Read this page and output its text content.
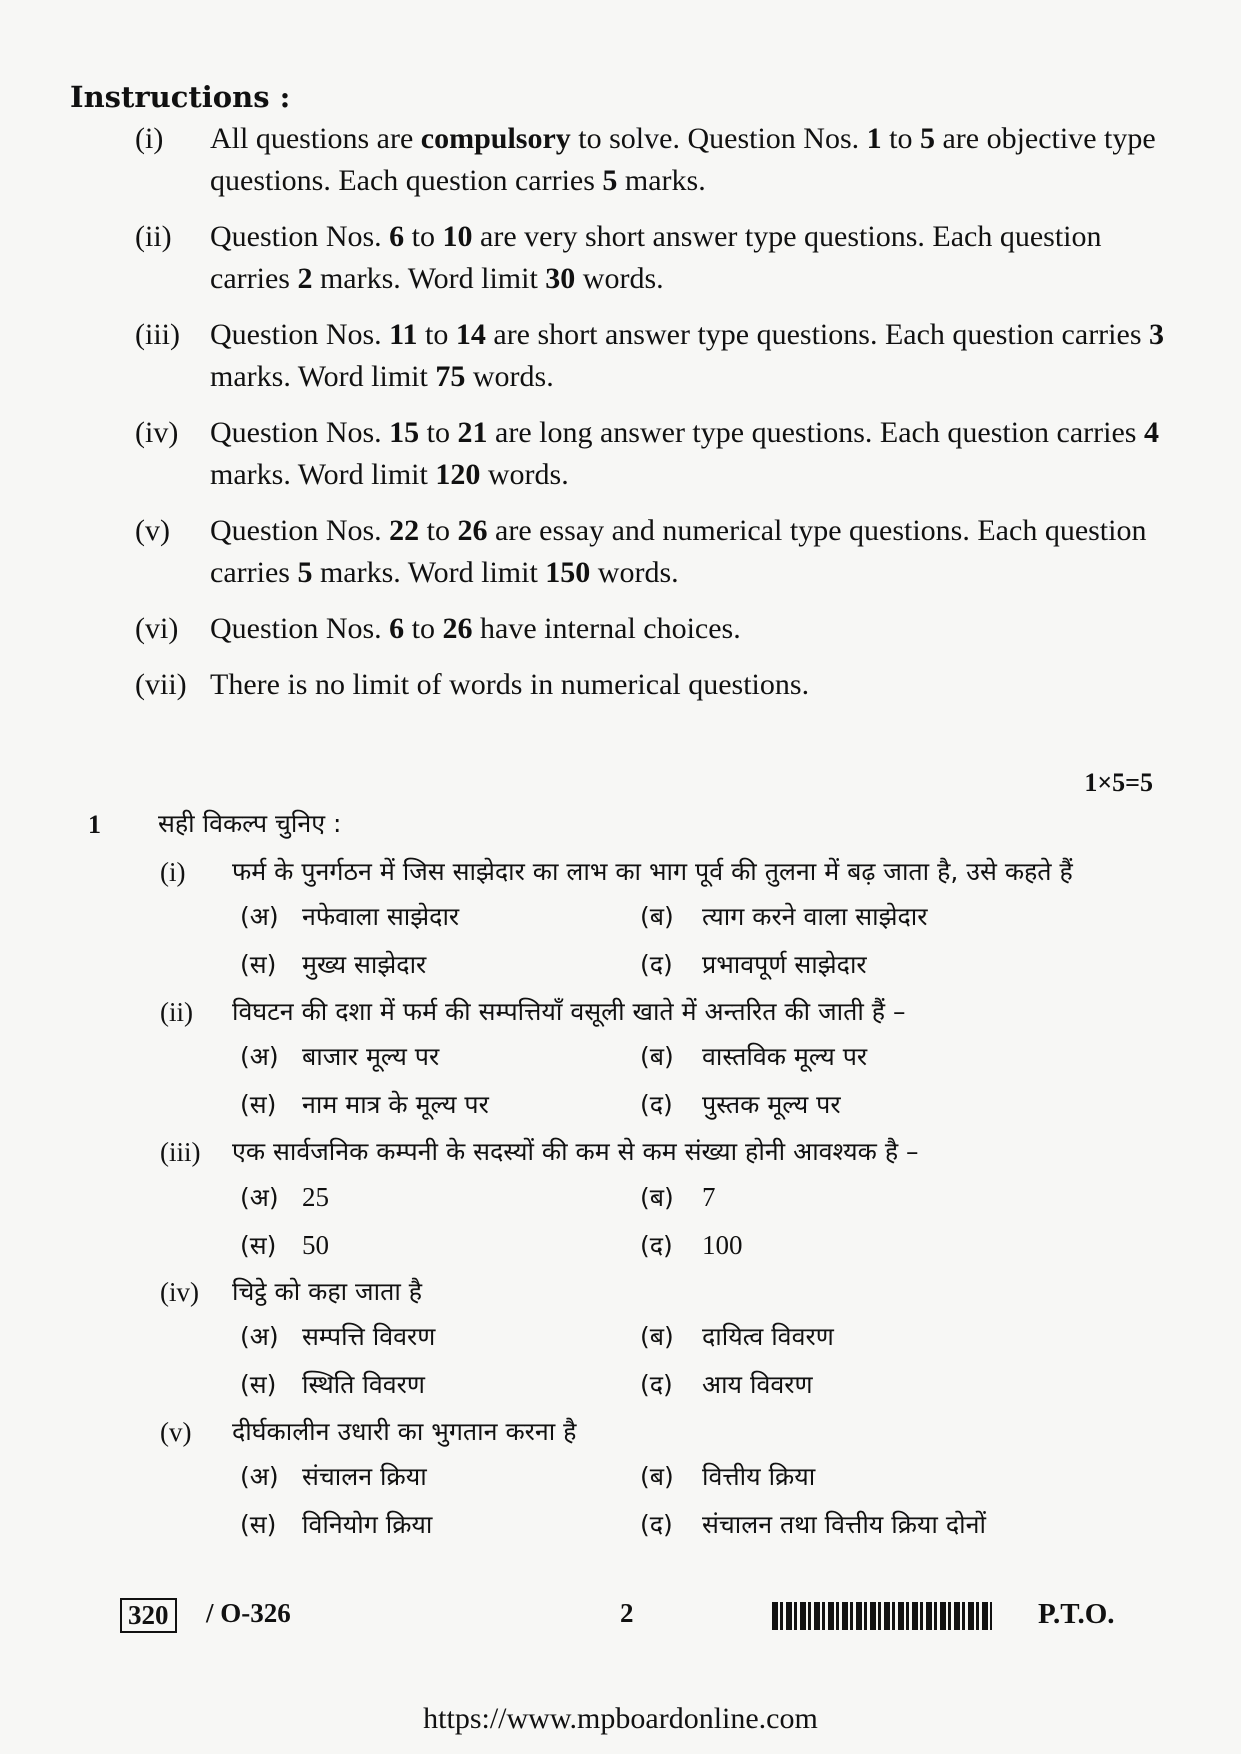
Instructions :
(i) All questions are compulsory to solve. Question Nos. 1 to 5 are objective type questions. Each question carries 5 marks.
(ii) Question Nos. 6 to 10 are very short answer type questions. Each question carries 2 marks. Word limit 30 words.
(iii) Question Nos. 11 to 14 are short answer type questions. Each question carries 3 marks. Word limit 75 words.
(iv) Question Nos. 15 to 21 are long answer type questions. Each question carries 4 marks. Word limit 120 words.
(v) Question Nos. 22 to 26 are essay and numerical type questions. Each question carries 5 marks. Word limit 150 words.
(vi) Question Nos. 6 to 26 have internal choices.
(vii) There is no limit of words in numerical questions.
1×5=5
1 सही विकल्प चुनिए :
(i) फर्म के पुनर्गठन में जिस साझेदार का लाभ का भाग पूर्व की तुलना में बढ़ जाता है, उसे कहते हैं
(अ) नफेवाला साझेदार	(ब) त्याग करने वाला साझेदार
(स) मुख्य साझेदार	(द) प्रभावपूर्ण साझेदार
(ii) विघटन की दशा में फर्म की सम्पत्तियाँ वसूली खाते में अन्तरित की जाती हैं –
(अ) बाजार मूल्य पर	(ब) वास्तविक मूल्य पर
(स) नाम मात्र के मूल्य पर	(द) पुस्तक मूल्य पर
(iii) एक सार्वजनिक कम्पनी के सदस्यों की कम से कम संख्या होनी आवश्यक है –
(अ) 25	(ब) 7
(स) 50	(द) 100
(iv) चिट्ठे को कहा जाता है
(अ) सम्पत्ति विवरण	(ब) दायित्व विवरण
(स) स्थिति विवरण	(द) आय विवरण
(v) दीर्घकालीन उधारी का भुगतान करना है
(अ) संचालन क्रिया	(ब) वित्तीय क्रिया
(स) विनियोग क्रिया	(द) संचालन तथा वित्तीय क्रिया दोनों
320 / O-326	2	P.T.O.
https://www.mpboardonline.com
